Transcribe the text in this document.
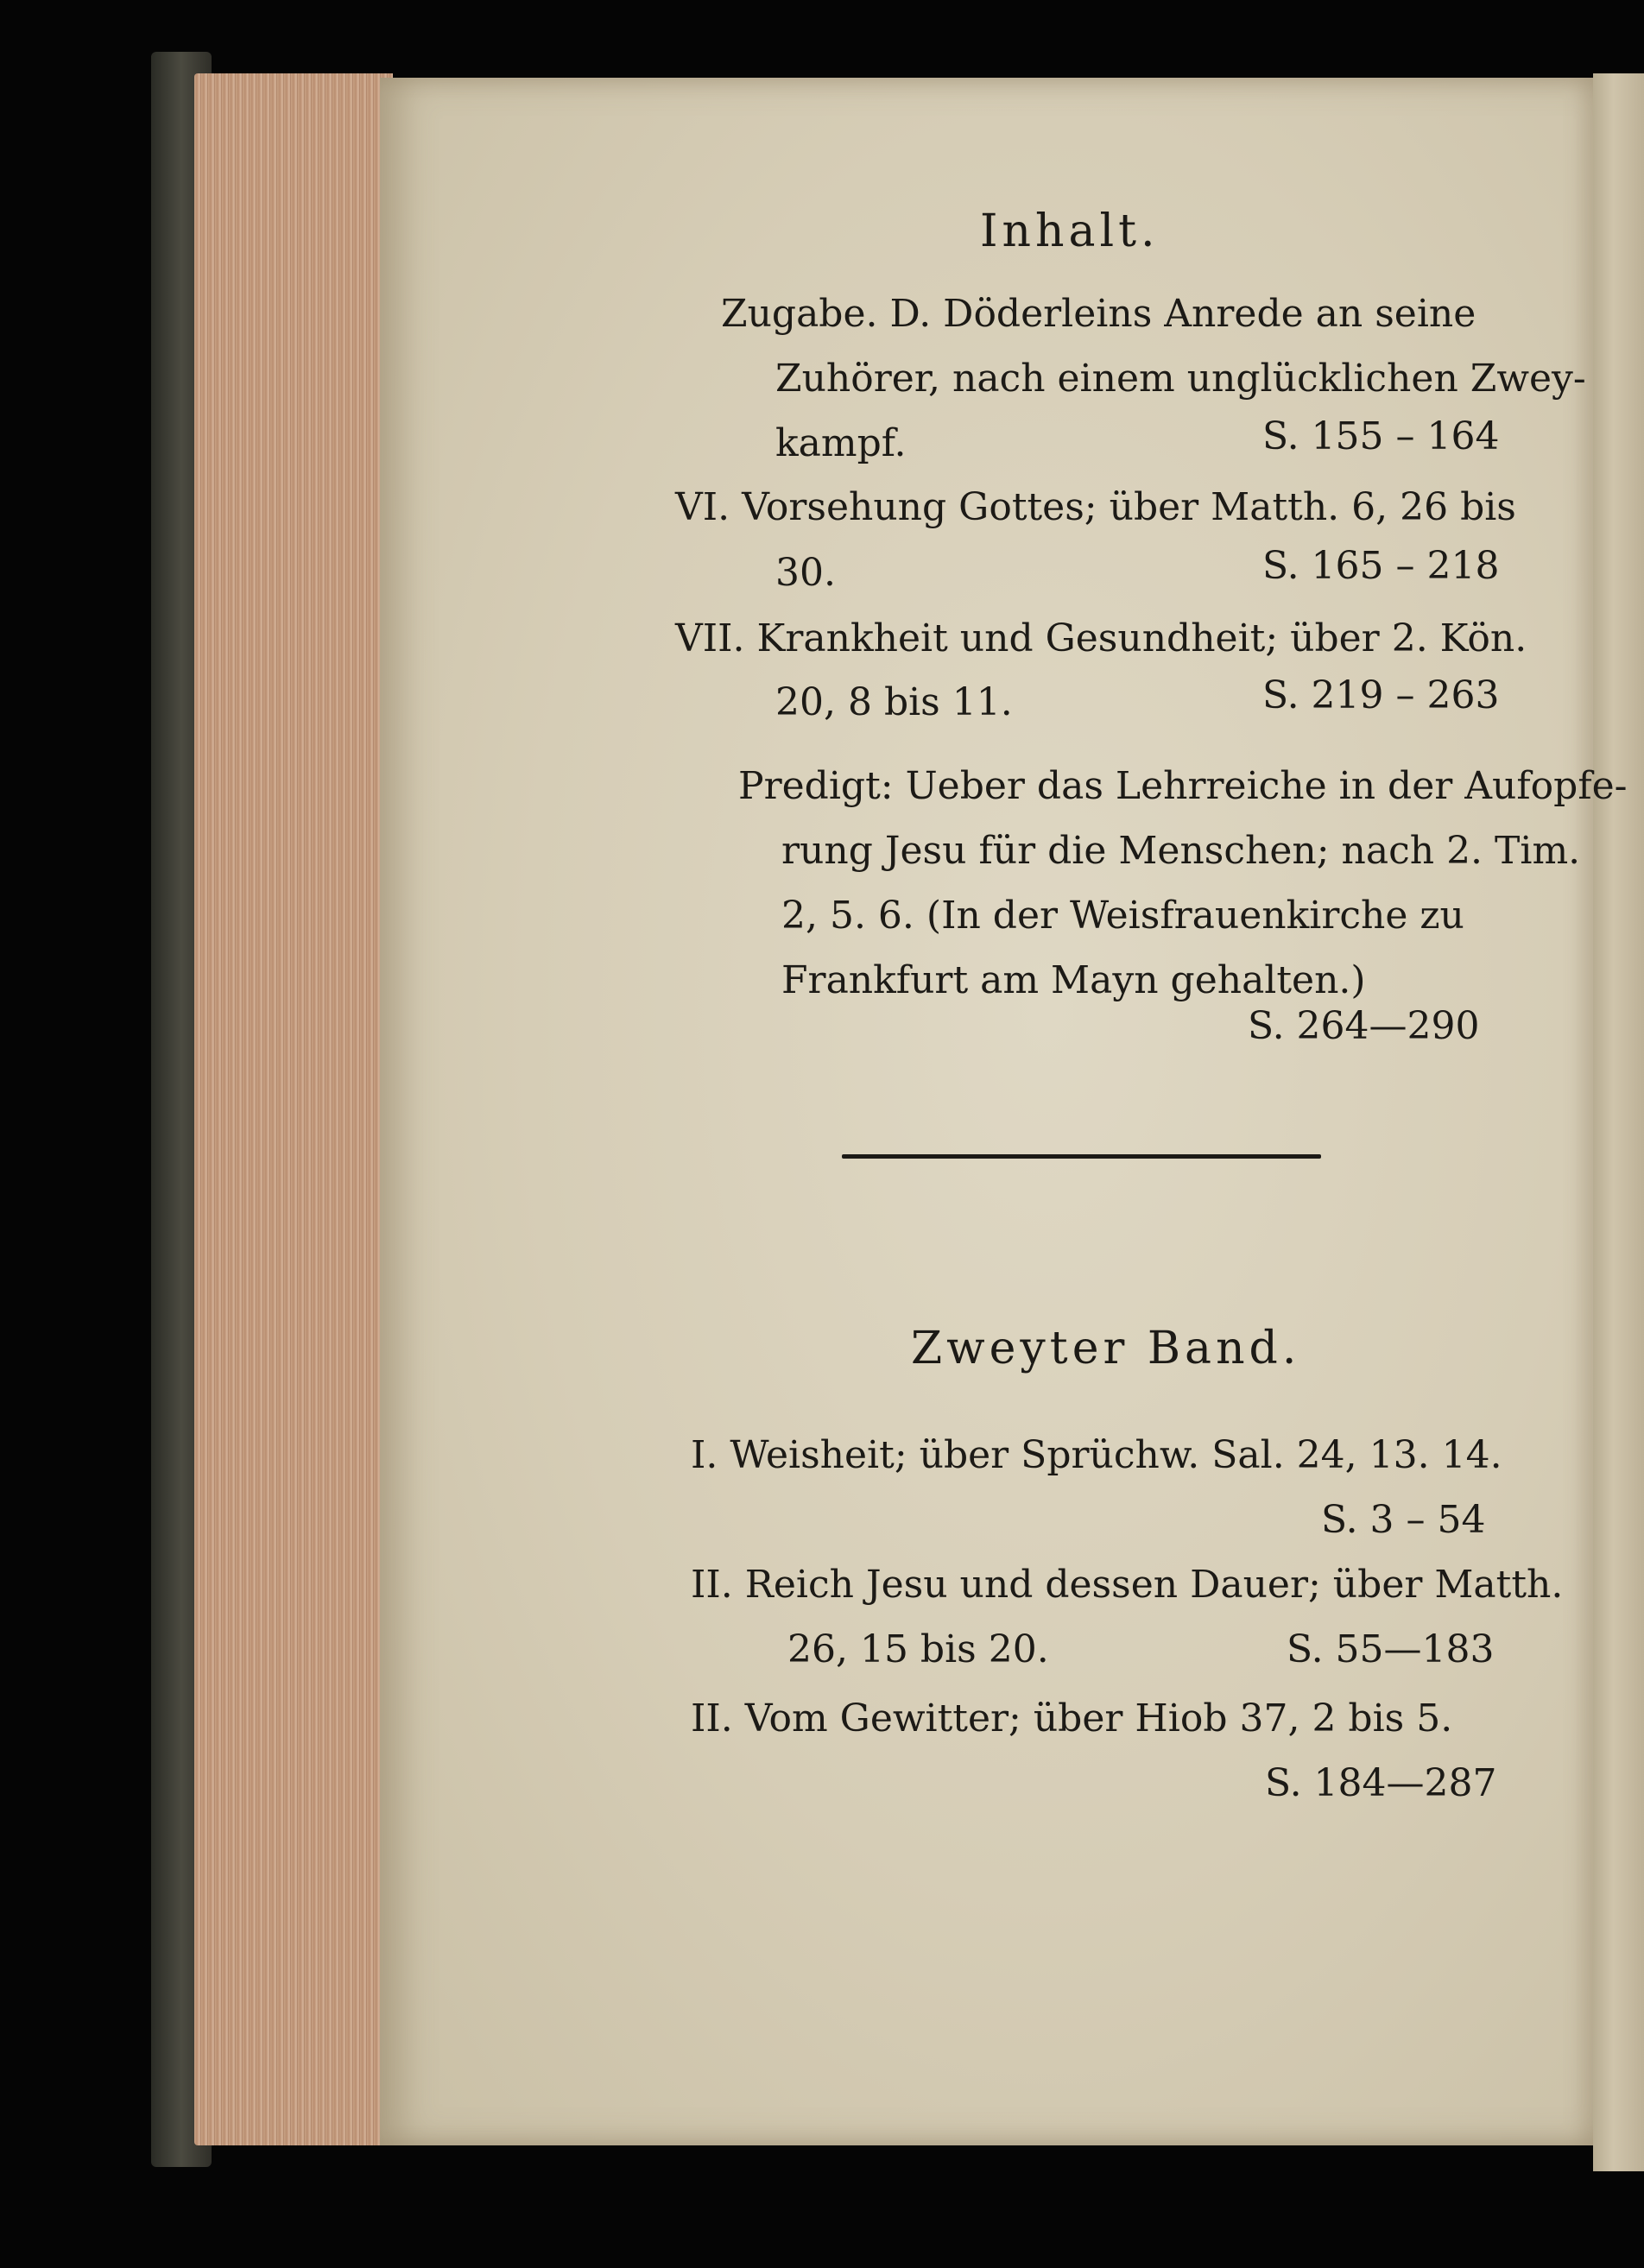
Inhalt.
Zugabe. D. Döderleins Anrede an seine
Zuhörer, nach einem unglücklichen Zwey-
kampf.	S. 155 – 164
VI. Vorsehung Gottes; über Matth. 6, 26 bis
30.	S. 165 – 218
VII. Krankheit und Gesundheit; über 2. Kön.
20, 8 bis 11.	S. 219 – 263
Predigt: Ueber das Lehrreiche in der Aufopfe-
rung Jesu für die Menschen; nach 2. Tim.
2, 5. 6. (In der Weisfrauenkirche zu
Frankfurt am Mayn gehalten.)
S. 264—290
Zweyter Band.
I. Weisheit; über Sprüchw. Sal. 24, 13. 14.
S. 3 – 54
II. Reich Jesu und dessen Dauer; über Matth.
26, 15 bis 20.	S. 55—183
II. Vom Gewitter; über Hiob 37, 2 bis 5.
S. 184—287
